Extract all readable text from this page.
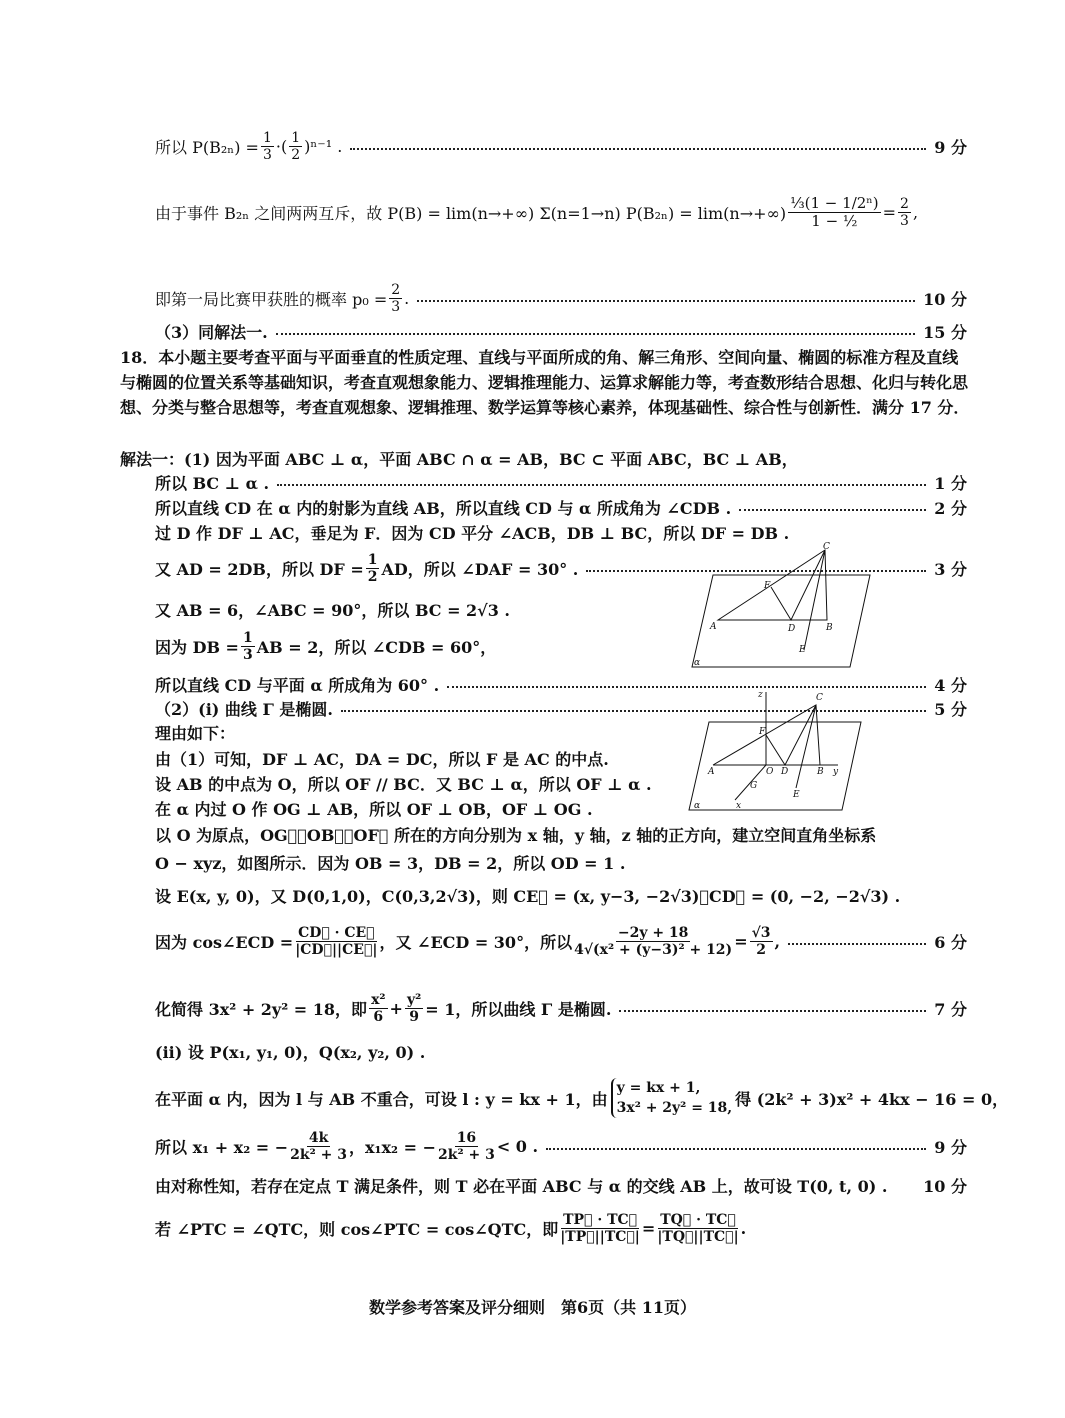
所以 $P(B_{2n}) = \frac{1}{3}$ ·( 1
2 )ⁿ⁻¹ .	9 分
由于事件 B₂ₙ 之间两两互斥，故 P(B) = lim(n→+∞) Σ(n=1→n) $P(B_{2n}) = \lim(n\to+\infty) \frac{\text{⅓(1 − 1/2ⁿ)}}{\text{1 − ½}} = \frac{2}{3}$ ,
即第一局比赛甲获胜的概率 $p_0 = \frac{2}{3}$ .	10 分
（3）同解法一.	15 分
18．本小题主要考查平面与平面垂直的性质定理、直线与平面所成的角、解三角形、空间向量、椭圆的标准方程及直线与椭圆的位置关系等基础知识，考查直观想象能力、逻辑推理能力、运算求解能力等，考查数形结合思想、化归与转化思想、分类与整合思想等，考查直观想象、逻辑推理、数学运算等核心素养，体现基础性、综合性与创新性．满分 17 分．
解法一：(1) 因为平面 ABC ⊥ α，平面 ABC ∩ α = AB，BC ⊂ 平面 ABC，BC ⊥ AB，
所以 BC ⊥ α .	1 分
所以直线 CD 在 α 内的射影为直线 AB，所以直线 CD 与 α 所成角为 ∠CDB .	2 分
过 D 作 DF ⊥ AC，垂足为 F．因为 CD 平分 ∠ACB，DB ⊥ BC，所以 DF = DB .
又 AD = 2DB，所以 DF = $\frac{1}{2}$ AD，所以 ∠DAF = 30° .	3 分
又 AB = 6，∠ABC = 90°，所以 BC = 2√3 .
因为 DB = $\frac{1}{3}$ AB = 2，所以 ∠CDB = 60°，
所以直线 CD 与平面 α 所成角为 60° .	4 分
（2）(i) 曲线 Γ 是椭圆.	5 分
理由如下：
由（1）可知，DF ⊥ AC，DA = DC，所以 F 是 AC 的中点.
设 AB 的中点为 O，所以 OF // BC．又 BC ⊥ α，所以 OF ⊥ α .
在 α 内过 O 作 OG ⊥ AB，所以 OF ⊥ OB，OF ⊥ OG .
以 O 为原点，OG⃗，OB⃗，OF⃗ 所在的方向分别为 x 轴，y 轴，z 轴的正方向，建立空间直角坐标系
O − xyz，如图所示．因为 OB = 3，DB = 2，所以 OD = 1 .
设 E(x, y, 0)，又 D(0,1,0)，C(0,3,2√3)，则 CE⃗ = (x, y−3, −2√3)，CD⃗ = (0, −2, −2√3) .
因为 cos∠ECD = $\frac{CD⃗ \cdot CE⃗}{|CD⃗||CE⃗|}$ ，又 ∠ECD = 30°，所以 $\frac{-2y + 18}{\text{4√(x² + (y−3)² + 12)}} = \frac{√3}{2}$ ,	6 分
化简得 3x² + 2y² = 18，即
x²
$6 + \frac{\text{y²}}{9} = 1$，所以曲线 Γ 是椭圆.	7 分
(ii) 设 P(x₁, y₁, 0)，Q(x₂, y₂, 0) .
在平面 α 内，因为 l 与 AB 不重合，可设 l : y = kx + 1，由
y = kx + 1,
3x² + 2y² = 18, 得 (2k² + 3)x² + 4kx − 16 = 0，
所以 x₁ + x₂ = − $\frac{4k}{\text{2k² + 3}}$ ，x₁x₂ = − $\frac{16}{\text{2k² + 3}} < 0$ .	9 分
由对称性知，若存在定点 T 满足条件，则 T 必在平面 ABC 与 α 的交线 AB 上，故可设 T(0, t, 0) . 10 分
若 ∠PTC = ∠QTC，则 cos∠PTC = cos∠QTC，即 $\frac{TP⃗ \cdot TC⃗}{|TP⃗||TC⃗|} = \frac{TQ⃗ \cdot TC⃗}{|TQ⃗||TC⃗|}$ .
A	B
C
D
E
F
α
A	B
C
D
E
F
α
O
G
x
y
z
数学参考答案及评分细则　第6页（共 11页）
